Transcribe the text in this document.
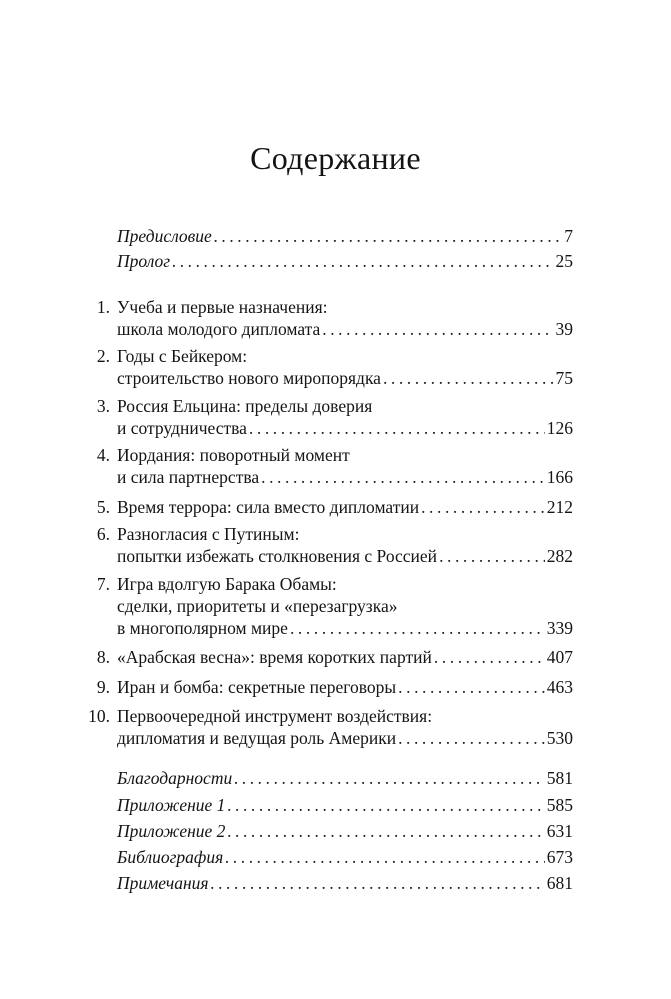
Содержание
Предисловие . . .	7
Пролог . . .	25
1. Учеба и первые назначения:
школа молодого дипломата . . .	39
2. Годы с Бейкером:
строительство нового миропорядка . . .	75
3. Россия Ельцина: пределы доверия
и сотрудничества . . .	126
4. Иордания: поворотный момент
и сила партнерства . . .	166
5. Время террора: сила вместо дипломатии . . .	212
6. Разногласия с Путиным:
попытки избежать столкновения с Россией . . .	282
7. Игра вдолгую Барака Обамы:
сделки, приоритеты и «перезагрузка»
в многополярном мире . . .	339
8. «Арабская весна»: время коротких партий . . .	407
9. Иран и бомба: секретные переговоры . . .	463
10. Первоочередной инструмент воздействия:
дипломатия и ведущая роль Америки . . .	530
Благодарности . . .	581
Приложение 1 . . .	585
Приложение 2 . . .	631
Библиография . . .	673
Примечания . . .	681
